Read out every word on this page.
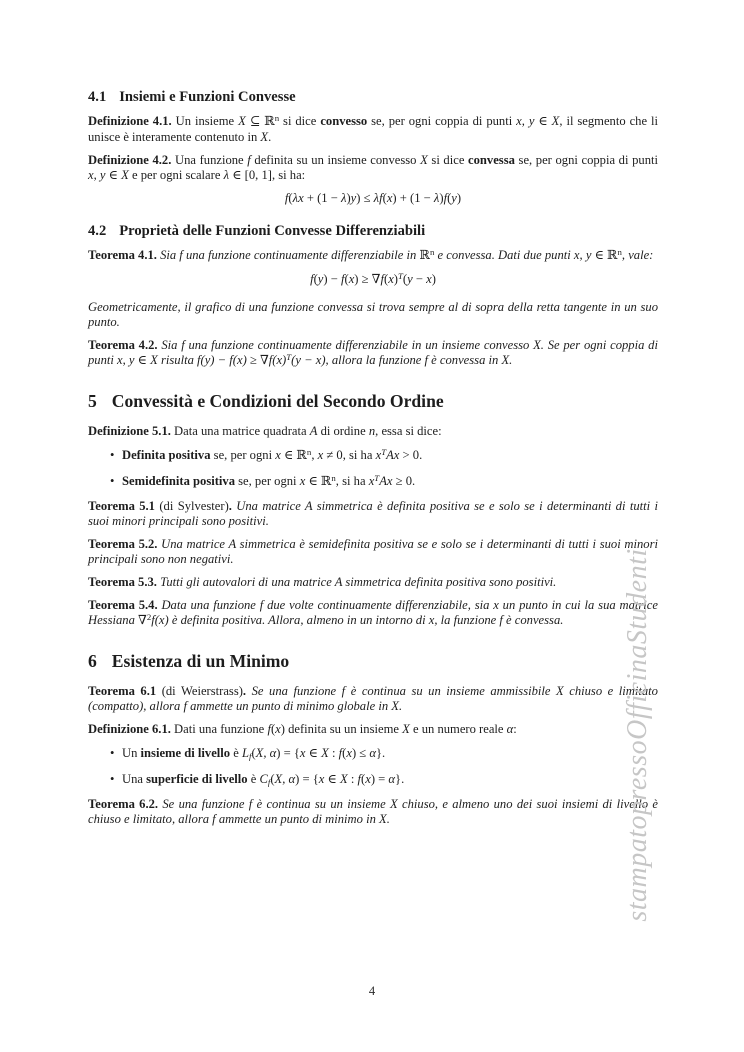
4.1 Insiemi e Funzioni Convesse

Definizione 4.1. Un insieme X ⊆ ℝ$^n$ si dice convesso se, per ogni coppia di punti x, y ∈ X, il segmento che li unisce è interamente contenuto in X.

Definizione 4.2. Una funzione f definita su un insieme convesso X si dice convessa se, per ogni coppia di punti x, y ∈ X e per ogni scalare λ ∈ [0, 1], si ha:

f(λx + (1 − λ)y) ≤ λf(x) + (1 − λ)f(y)
4.2 Proprietà delle Funzioni Convesse Differenziabili

Teorema 4.1. Sia f una funzione continuamente differenziabile in ℝ$^n$ e convessa. Dati due punti x, y ∈ ℝ$^n$, vale:

$f(y) - f(x) \ge \nabla f(x)^T(y - x)$

Geometricamente, il grafico di una funzione convessa si trova sempre al di sopra della retta tangente in un suo punto.

Teorema 4.2. Sia f una funzione continuamente differenziabile in un insieme convesso X. Se per ogni coppia di punti x, y ∈ X risulta $f(y) - f(x) \ge \nabla f(x)^T(y - x)$, allora la funzione f è convessa in X.

5 Convessità e Condizioni del Secondo Ordine

Definizione 5.1. Data una matrice quadrata A di ordine n, essa si dice:

•
Definita positiva se, per ogni x ∈ ℝ$^n$, x ≠ 0, si ha $x^TAx > 0$.
•
Semidefinita positiva se, per ogni x ∈ ℝ$^n$, si ha $x^TAx \ge 0$.

Teorema 5.1 (di Sylvester). Una matrice A simmetrica è definita positiva se e solo se i determinanti di tutti i suoi minori principali sono positivi.

Teorema 5.2. Una matrice A simmetrica è semidefinita positiva se e solo se i determinanti di tutti i suoi minori principali sono non negativi.

Teorema 5.3. Tutti gli autovalori di una matrice A simmetrica definita positiva sono positivi.

Teorema 5.4. Data una funzione f due volte continuamente differenziabile, sia x un punto in cui la sua matrice Hessiana ∇$^2$f(x) è definita positiva. Allora, almeno in un intorno di x, la funzione f è convessa.

6 Esistenza di un Minimo

Teorema 6.1 (di Weierstrass). Se una funzione f è continua su un insieme ammissibile X chiuso e limitato (compatto), allora f ammette un punto di minimo globale in X.

Definizione 6.1. Dati una funzione f(x) definita su un insieme X e un numero reale α:

•
Un insieme di livello è Lf(X, α) = {x ∈ X : f(x) ≤ α}.
•
Una superficie di livello è Cf(X, α) = {x ∈ X : f(x) = α}.

Teorema 6.2. Se una funzione f è continua su un insieme X chiuso, e almeno uno dei suoi insiemi di livello è chiuso e limitato, allora f ammette un punto di minimo in X.	stampatopressoOfficinaStudenti
4
